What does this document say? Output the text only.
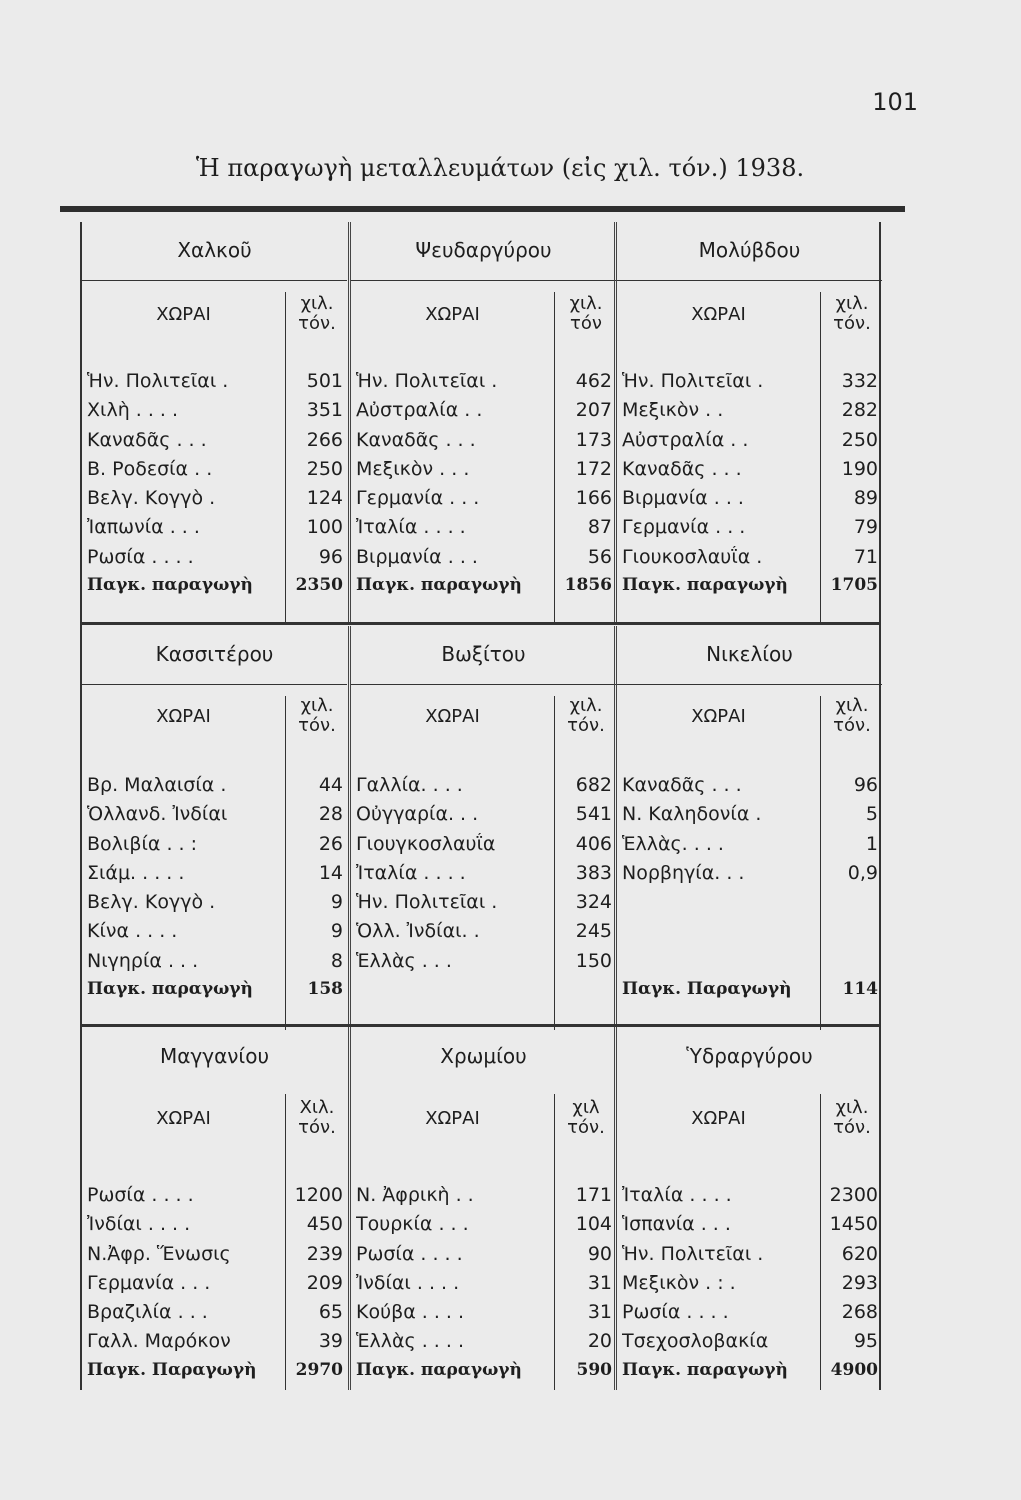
101
Ἡ παραγωγὴ μεταλλευμάτων (εἰς χιλ. τόν.) 1938.
Χαλκοῦ
ΧΩΡΑΙ
χιλ. τόν.
Ἡν. Πολιτεῖαι .	501
Χιλὴ . . . .	351
Καναδᾶς . . .	266
Β. Ροδεσία . .	250
Βελγ. Κογγὸ .	124
Ἰαπωνία . . .	100
Ρωσία . . . .	96
Παγκ. παραγωγὴ	2350
Ψευδαργύρου
ΧΩΡΑΙ
χιλ. τόν
Ἡν. Πολιτεῖαι .	462
Αὐστραλία . .	207
Καναδᾶς . . .	173
Μεξικὸν . . .	172
Γερμανία . . .	166
Ἰταλία . . . .	87
Βιρμανία . . .	56
Παγκ. παραγωγὴ	1856
Μολύβδου
ΧΩΡΑΙ
χιλ. τόν.
Ἡν. Πολιτεῖαι .	332
Μεξικὸν . .	282
Αὐστραλία . .	250
Καναδᾶς . . .	190
Βιρμανία . . .	89
Γερμανία . . .	79
Γιουκοσλαυΐα .	71
Παγκ. παραγωγὴ	1705
Κασσιτέρου
ΧΩΡΑΙ
χιλ. τόν.
Βρ. Μαλαισία .	44
Ὁλλανδ. Ἰνδίαι	28
Βολιβία . . :	26
Σιάμ. . . . .	14
Βελγ. Κογγὸ .	9
Κίνα . . . .	9
Νιγηρία . . .	8
Παγκ. παραγωγὴ	158
Βωξίτου
ΧΩΡΑΙ
χιλ. τόν.
Γαλλία. . . .	682
Οὐγγαρία. . .	541
Γιουγκοσλαυΐα	406
Ἰταλία . . . .	383
Ἡν. Πολιτεῖαι .	324
Ὁλλ. Ἰνδίαι. .	245
Ἑλλὰς . . .	150
Νικελίου
ΧΩΡΑΙ
χιλ. τόν.
Καναδᾶς . . .	96
Ν. Καληδονία .	5
Ἑλλὰς. . . .	1
Νορβηγία. . .	0,9
Παγκ. Παραγωγὴ	114
Μαγγανίου
ΧΩΡΑΙ
Χιλ. τόν.
Ρωσία . . . .	1200
Ἰνδίαι . . . .	450
Ν.Ἀφρ. Ἕνωσις	239
Γερμανία . . .	209
Βραζιλία . . .	65
Γαλλ. Μαρόκον	39
Παγκ. Παραγωγὴ	2970
Χρωμίου
ΧΩΡΑΙ
χιλ τόν.
Ν. Ἀφρικὴ . .	171
Τουρκία . . .	104
Ρωσία . . . .	90
Ἰνδίαι . . . .	31
Κούβα . . . .	31
Ἑλλὰς . . . .	20
Παγκ. παραγωγὴ	590
Ὑδραργύρου
ΧΩΡΑΙ
χιλ. τόν.
Ἰταλία . . . .	2300
Ἱσπανία . . .	1450
Ἡν. Πολιτεῖαι .	620
Μεξικὸν . : .	293
Ρωσία . . . .	268
Τσεχοσλοβακία	95
Παγκ. παραγωγὴ	4900
